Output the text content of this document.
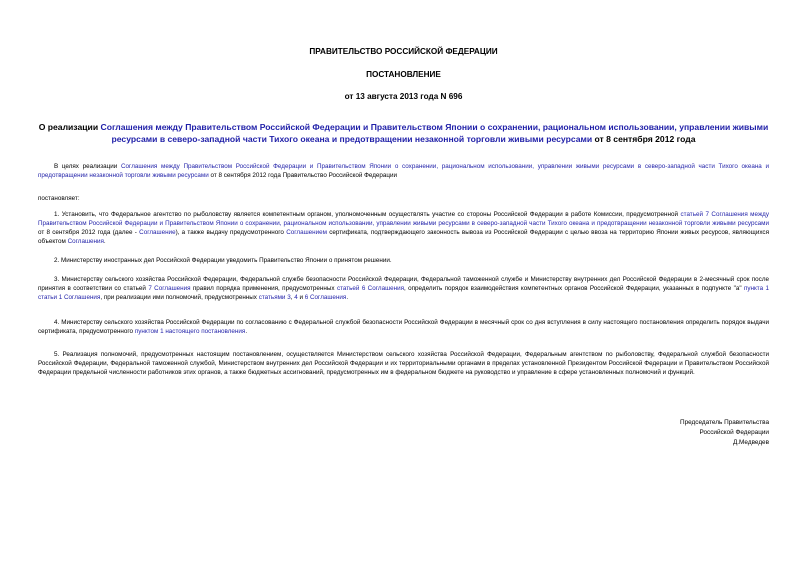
ПРАВИТЕЛЬСТВО РОССИЙСКОЙ ФЕДЕРАЦИИ
ПОСТАНОВЛЕНИЕ
от 13 августа 2013 года N 696
О реализации Соглашения между Правительством Российской Федерации и Правительством Японии о сохранении, рациональном использовании, управлении живыми ресурсами в северо-западной части Тихого океана и предотвращении незаконной торговли живыми ресурсами от 8 сентября 2012 года
В целях реализации Соглашения между Правительством Российской Федерации и Правительством Японии о сохранении, рациональном использовании, управлении живыми ресурсами в северо-западной части Тихого океана и предотвращении незаконной торговли живыми ресурсами от 8 сентября 2012 года Правительство Российской Федерации
постановляет:
1. Установить, что Федеральное агентство по рыболовству является компетентным органом, уполномоченным осуществлять участие со стороны Российской Федерации в работе Комиссии, предусмотренной статьей 7 Соглашения между Правительством Российской Федерации и Правительством Японии о сохранении, рациональном использовании, управлении живыми ресурсами в северо-западной части Тихого океана и предотвращении незаконной торговли живыми ресурсами от 8 сентября 2012 года (далее - Соглашение), а также выдачу предусмотренного Соглашением сертификата, подтверждающего законность вывоза из Российской Федерации с целью ввоза на территорию Японии живых ресурсов, являющихся объектом Соглашения.
2. Министерству иностранных дел Российской Федерации уведомить Правительство Японии о принятом решении.
3. Министерству сельского хозяйства Российской Федерации, Федеральной службе безопасности Российской Федерации, Федеральной таможенной службе и Министерству внутренних дел Российской Федерации в 2-месячный срок после принятия в соответствии со статьей 7 Соглашения правил порядка применения, предусмотренных статьей 6 Соглашения, определить порядок взаимодействия компетентных органов Российской Федерации, указанных в подпункте "а" пункта 1 статьи 1 Соглашения, при реализации ими полномочий, предусмотренных статьями 3, 4 и 6 Соглашения.
4. Министерству сельского хозяйства Российской Федерации по согласованию с Федеральной службой безопасности Российской Федерации в месячный срок со дня вступления в силу настоящего постановления определить порядок выдачи сертификата, предусмотренного пунктом 1 настоящего постановления.
5. Реализация полномочий, предусмотренных настоящим постановлением, осуществляется Министерством сельского хозяйства Российской Федерации, Федеральным агентством по рыболовству, Федеральной службой безопасности Российской Федерации, Федеральной таможенной службой, Министерством внутренних дел Российской Федерации и их территориальными органами в пределах установленной Президентом Российской Федерации и Правительством Российской Федерации предельной численности работников этих органов, а также бюджетных ассигнований, предусмотренных им в федеральном бюджете на руководство и управление в сфере установленных полномочий и функций.
Председатель Правительства
Российской Федерации
Д.Медведев
